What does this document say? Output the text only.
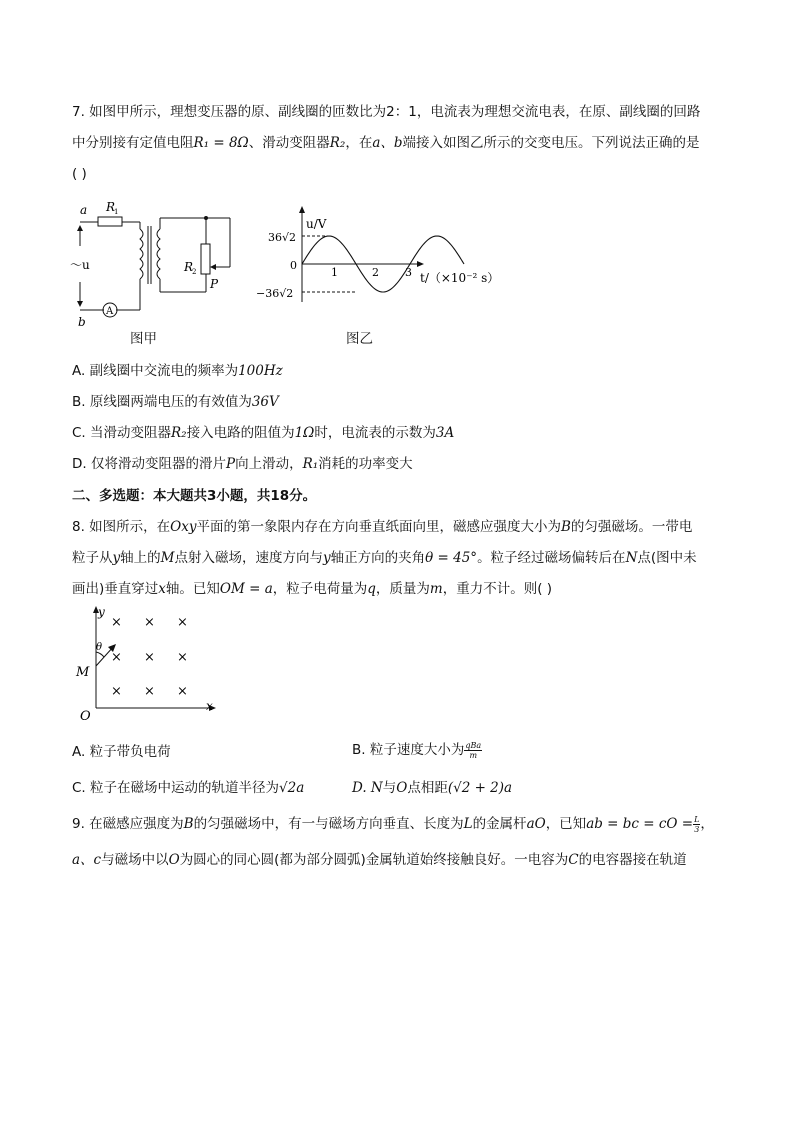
7. 如图甲所示，理想变压器的原、副线圈的匝数比为2：1，电流表为理想交流电表，在原、副线圈的回路
中分别接有定值电阻R₁ = 8Ω、滑动变阻器R₂，在a、b端接入如图乙所示的交变电压。下列说法正确的是
( )
a R
1
～u
b
A
R
2
P
图甲
u/V
36√2
0
−36√2
1	2 3 t/（×10⁻² s）
图乙
A. 副线圈中交流电的频率为100Hz
B. 原线圈两端电压的有效值为36V
C. 当滑动变阻器R₂接入电路的阻值为1Ω时，电流表的示数为3A
D. 仅将滑动变阻器的滑片P向上滑动，R₁消耗的功率变大
二、多选题：本大题共3小题，共18分。
8. 如图所示，在Oxy平面的第一象限内存在方向垂直纸面向里，磁感应强度大小为B的匀强磁场。一带电
粒子从y轴上的M点射入磁场，速度方向与y轴正方向的夹角θ = 45°。粒子经过磁场偏转后在N点(图中未
画出)垂直穿过x轴。已知OM = a，粒子电荷量为q，质量为m，重力不计。则( )
y
x
M
O
θ
× × ×
× × ×
× × ×
A. 粒子带负电荷	B. 粒子速度大小为 $\frac{\text{qBa}}{m}$
C. 粒子在磁场中运动的轨道半径为√2a	D. N与O点相距(√2 + 2)a
9. 在磁感应强度为B的匀强磁场中，有一与磁场方向垂直、长度为L的金属杆aO，已知ab = bc = cO = $\frac{L}{3}$ ，
a、c与磁场中以O为圆心的同心圆(都为部分圆弧)金属轨道始终接触良好。一电容为C的电容器接在轨道
